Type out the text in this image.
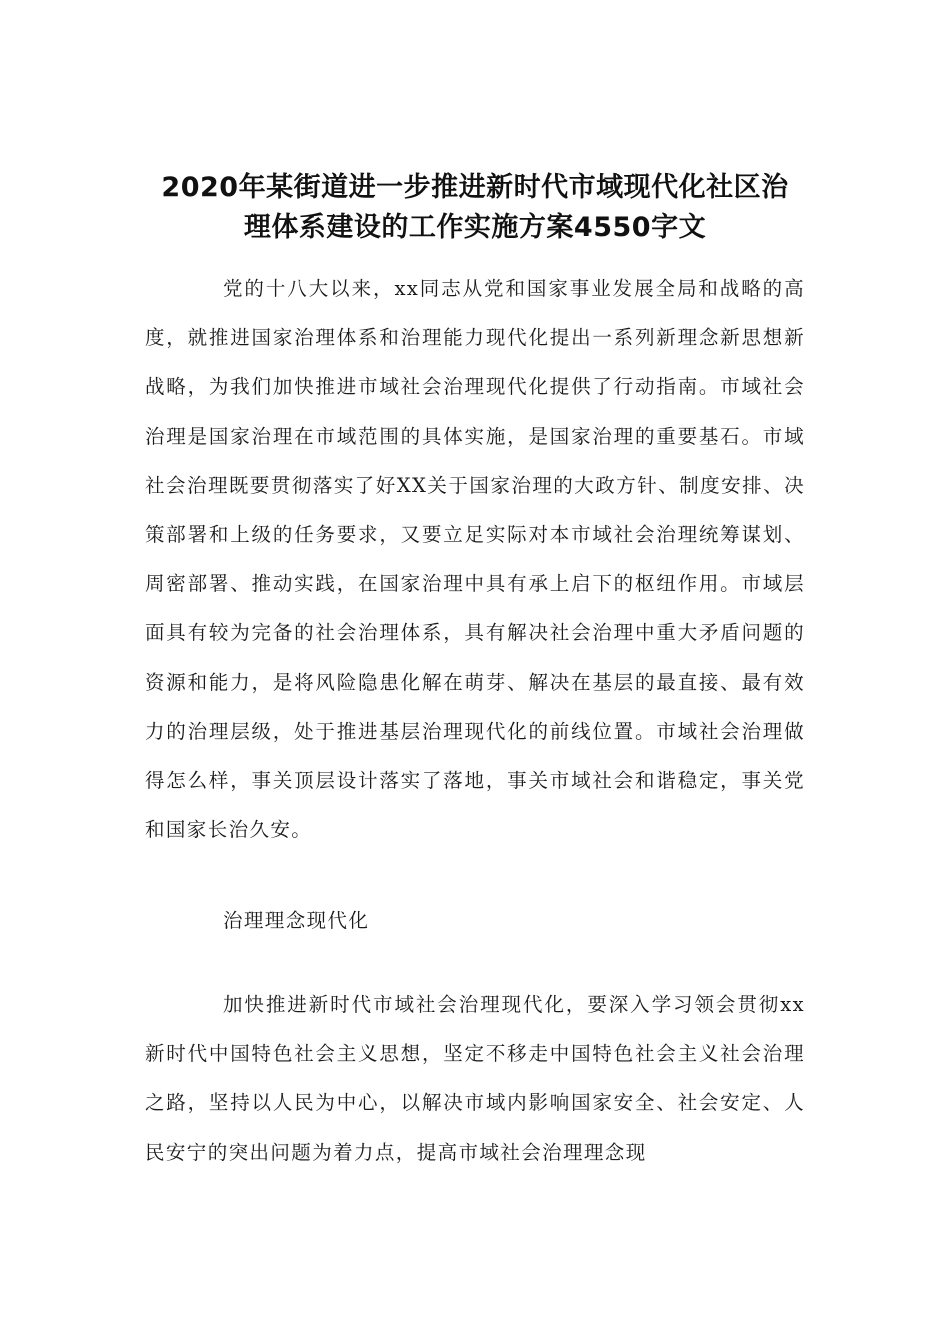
2020年某街道进一步推进新时代市域现代化社区治
理体系建设的工作实施方案4550字文

党的十八大以来，xx同志从党和国家事业发展全局和战略的高度，就推进国家治理体系和治理能力现代化提出一系列新理念新思想新战略，为我们加快推进市域社会治理现代化提供了行动指南。市域社会治理是国家治理在市域范围的具体实施，是国家治理的重要基石。市域社会治理既要贯彻落实了好XX关于国家治理的大政方针、制度安排、决策部署和上级的任务要求，又要立足实际对本市域社会治理统筹谋划、周密部署、推动实践，在国家治理中具有承上启下的枢纽作用。市域层面具有较为完备的社会治理体系，具有解决社会治理中重大矛盾问题的资源和能力，是将风险隐患化解在萌芽、解决在基层的最直接、最有效力的治理层级，处于推进基层治理现代化的前线位置。市域社会治理做得怎么样，事关顶层设计落实了落地，事关市域社会和谐稳定，事关党和国家长治久安。

治理理念现代化

加快推进新时代市域社会治理现代化，要深入学习领会贯彻xx新时代中国特色社会主义思想，坚定不移走中国特色社会主义社会治理之路，坚持以人民为中心，以解决市域内影响国家安全、社会安定、人民安宁的突出问题为着力点，提高市域社会治理理念现
